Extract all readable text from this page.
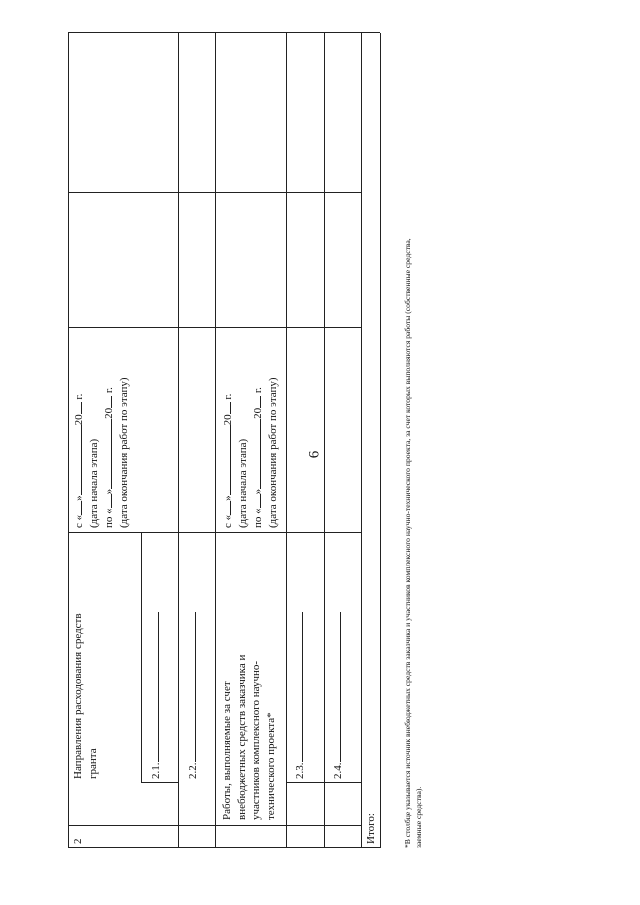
6
2
Направления расходования средств гранта
с «»20 г.
(дата начала этапа) по «»20 г. (дата окончания работ по этапу)
2.1. 2.2. Работы, выполняемые за счет внебюджетных средств заказчика и участников комплексного научно- технического проекта*
с «»20 г.
(дата начала этапа) по «»20 г. (дата окончания работ по этапу)
2.3. 2.4.
Итого:	*В столбце указывается источник внебюджетных средств заказчика и участников комплексного научно-технического проекта, за счет которых выполняются работы (собственные средства, заемные средства).
